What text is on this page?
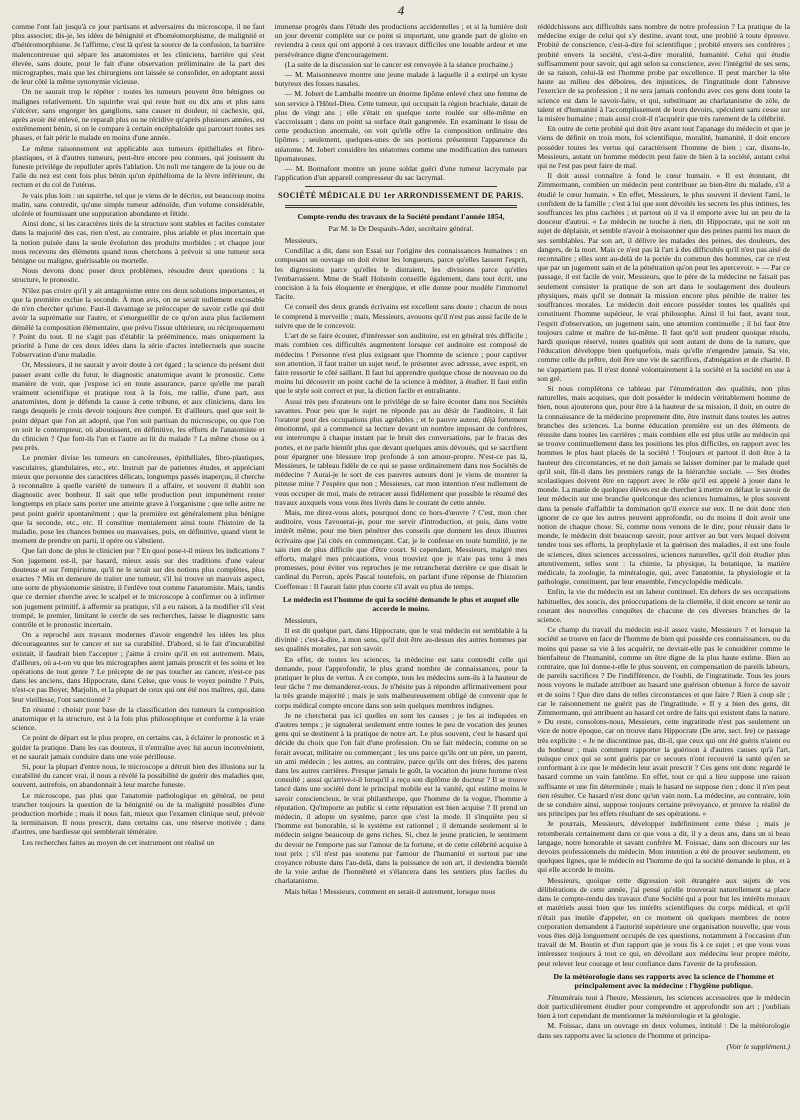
4

comme l'ont fait jusqu'à ce jour partisans et adversaires du microscope, il ne faut plus associer, dis-je, les idées de bénignité et d'homéomorphisme, de malignité et d'hétéromorphisme. Je l'affirme, c'est là qu'est la source de la confusion, la barrière malencontreuse qui sépare les anatomistes et les cliniciens, barrière qui s'est élevée, sans doute, pour le fait d'une observation préliminaire de la part des micrographes, mais que les chirurgiens ont laissée se consolider, en adoptant aussi de leur côté la même synonymie vicieuse.

On ne saurait trop le répéter : toutes les tumeurs peuvent être bénignes ou malignes relativement. Un squirrhe vrai qui reste huit ou dix ans et plus sans s'ulcérer, sans engorger les ganglions, sans causer ni douleur, ni cachexie, qui, après avoir été enlevé, ne reparaît plus ou ne récidive qu'après plusieurs années, est extrêmement bénin, si on le compare à certain encéphaloïde qui parcourt toutes ses phases, et fait périr le malade en moins d'une année.

Le même raisonnement est applicable aux tumeurs épithéliales et fibro-plastiques, et à d'autres tumeurs, peut-être encore peu connues, qui jouissent du funeste privilége de repulluler après l'ablation. Un noli me tangere de la joue ou de l'aile du nez est cent fois plus bénin qu'un épithélioma de la lèvre inférieure, du rectum et du col de l'utérus.

Je vais plus loin : un squirrhe, tel que je viens de le décrire, est beaucoup moins malin, sans contredit, qu'une simple tumeur adénoïde, d'un volume considérable, ulcérée et fournissant une suppuration abondante et fétide.

Ainsi donc, si les caractères tirés de la structure sont stables et faciles constater dans la majorité des cas, rien n'est, au contraire, plus ariable et plus incertain que la notion puisée dans la seule évolution des produits morbides ; et chaque jour nous recevons des éléments quand nous cherchons à prévoir si une tumeur sera bénigne ou maligne, guérissable ou mortelle.

Nous devons donc poser deux problèmes, résoudre deux questions : la structure, le pronostic.

N'ilez pas croire qu'il y ait antagonisme entre ces deux solutions importantes, et que la première exclue la seconde. À mon avis, on ne serait nullement excusable de n'en chercher qu'une. Faut-il davantage se préoccuper de savoir celle qui doit avoir la suprématie sur l'autre, et s'enorgueillir de ce qu'on aura plus facilement démêlé la composition élémentaire, que prévu l'issue ultérieure, ou réciproquement ? Point du tout. Il ne s'agit pas d'établir la prééminence, mais uniquement la priorité à l'une de ces deux idées dans la série d'actes intellectuels que suscite l'observation d'une maladie.

Or, Messieurs, il ne saurait y avoir doute à cet égard ; la science du présent doit passer avant celle du futur, le diagnostic anatomique avant le pronostic. Cette manière de voir, que j'expose ici en toute assurance, parce qu'elle me paraît vraiment scientifique et pratique tout à la fois, me rallie, d'une part, aux anatomistes, dont je défends la cause à cette tribune, et aux cliniciens, dans les rangs desquels je crois devoir toujours être compté. Et d'ailleurs, quel que soit le point départ que l'on ait adopté, que l'on soit partisan du microscope, ou que l'on en soit le contempteur, où aboutissent, en définitive, les efforts de l'anatomiste et du clinicien ? Que font-ils l'un et l'autre au lit du malade ? La même chose ou à peu près.

Le premier divise les tumeurs en cancéreuses, épithéliales, fibro-plastiques, vasculaires, glandulaires, etc., etc. Instruit par de patientes études, et appréciant mieux que personne des caractères délicats, longtemps passés inaperçus, il cherche à reconnaître à quelle variété de tumeurs il a affaire, et souvent il établit son diagnostic avec bonheur. Il sait que telle production peut impunément rester longtemps en place sans porter une atteinte grave à l'organisme ; que telle autre ne peut point guérir spontanément ; que la première est généralement plus bénigne que la seconde, etc., etc. Il constitue mentalement ainsi toute l'histoire de la maladie, pose les chances bonnes ou mauvaises, puis, en définitive, quand vient le moment de prendre un parti, il opère ou s'abstient.

Que fait donc de plus le clinicien pur ? En quoi pose-t-il mieux les indications ? Son jugement est-il, par hasard, mieux assis sur des traditions d'une valeur douteuse et sur l'empirisme, qu'il ne le serait sur des notions plus complètes, plus exactes ? Mis en demeure de traiter une tumeur, s'il lui trouve un mauvais aspect, une sorte de physionomie sinistre, il l'enlève tout comme l'anatomiste. Mais, tandis que ce dernier cherche avec le scalpel et le microscope à confirmer ou à infirmer son jugement primitif, à affermir sa pratique, s'il a eu raison, à la modifier s'il s'est trompé, le premier, limitant le cercle de ses recherches, laisse le diagnostic sans contrôle et le pronostic incertain.

On a reproché aux travaux modernes d'avoir engendré les idées les plus décourageantes sur le cancer et sur sa curabilité. D'abord, si le fait d'incurabilité existait, il faudrait bien l'accepter ; j'aime à croire qu'il en est autrement. Mais, d'ailleurs, où a-t-on vu que les micrographes aient jamais proscrit et les soins et les opérations de tout genre ? Le précepte de ne pas toucher au cancer, n'est-ce pas dans les anciens, dans Hippocrate, dans Celse, que vous le voyez poindre ? Puis, n'est-ce pas Boyer, Marjolin, et la plupart de ceux qui ont été nos maîtres, qui, dans leur vieillesse, l'ont sanctionné ?

En résumé : choisir pour base de la classification des tumeurs la composition anatomique et la structure, est à la fois plus philosophique et conforme à la vraie science.

Ce point de départ est le plus propre, en certains cas, à éclairer le pronostic et à guider la pratique. Dans les cas douteux, il n'entraîne avec lui aucun inconvénient, et ne saurait jamais conduire dans une voie périlleuse.

Si, pour la plupart d'entre nous, le microscope a détruit bien des illusions sur la curabilité du cancer vrai, il nous a révélé la possibilité de guérir des maladies que, souvent, autrefois, on abandonnait à leur marche funeste.

Le microscope, pas plus que l'anatomie pathologique en général, ne peut trancher toujours la question de la bénignité ou de la malignité possibles d'une production morbide ; mais il nous fait, mieux que l'examen clinique seul, prévoir la terminaison. Il nous prescrit, dans certains cas, une réserve motivée ; dans d'autres, une hardiesse qui semblerait téméraire.

Les recherches faites au moyen de cet instrument ont réalisé un

immense progrès dans l'étude des productions accidentelles ; et si la lumière doit un jour devenir complète sur ce point si important, une grande part de gloire en reviendra à ceux qui ont apporté à ces travaux difficiles une louable ardeur et une persévérance digne d'encouragement.

(La suite de la discussion sur le cancer est renvoyée à la séance prochaine.)

— M. Maisonneuve montre une jeune malade à laquelle il a extirpé un kyste butyreux des fosses nasales.

— M. Jobert de Lamballe montre un énorme lipôme enlevé chez une femme de son service à l'Hôtel-Dieu. Cette tumeur, qui occupait la région brachiale, datait de plus de vingt ans ; elle s'était en quelque sorte roulée sur elle-même en s'accroissant ; dans un point sa surface était gangrenée. En examinant le tissu de cette production anormale, on voit qu'elle offre la composition ordinaire des lipômes ; seulement, quelques-unes de ses portions présentent l'apparence du stéatome. M. Jobert considère les stéatomes comme une modification des tumeurs lipomateuses.

— M. Bonnafont montre un jeune soldat guéri d'une tumeur lacrymale par l'application d'un appareil compresseur du sac lacrymal.

SOCIÉTÉ MÉDICALE DU 1er ARRONDISSEMENT DE PARIS.
Compte-rendu des travaux de la Société pendant l'année 1854,
Par M. le Dr Despaulx-Ader, secrétaire général.
Messieurs,

Condillac a dit, dans son Essai sur l'origine des connaissances humaines : en composant un ouvrage on doit éviter les longueurs, parce qu'elles lassent l'esprit, les digressions parce qu'elles le distraient, les divisions parce qu'elles l'embarrassent. Mme de Staël Holstein conseille également, dans tout écrit, une concision à la fois éloquente et énergique, et elle donne pour modèle l'immortel Tacite.

Ce conseil des deux grands écrivains est excellent sans doute ; chacun de nous le comprend à merveille ; mais, Messieurs, avouons qu'il n'est pas aussi facile de le suivre que de le concevoir.

L'art de se faire écouter, d'intéresser son auditoire, est en général très difficile ; mais combien ces difficultés augmentent lorsque cet auditoire est composé de médecins ! Personne n'est plus exigeant que l'homme de science ; pour captiver son attention, il faut traiter un sujet neuf, le présenter avec adresse, avec esprit, en faire ressortir le côté saillant. Il faut lui apprendre quelque chose de nouveau ou du moins lui découvrir un point caché de la science à méditer, à étudier. Il faut enfin que le style soit correct et pur, la diction facile et entraînante.

Aussi très peu d'orateurs ont le privilége de se faire écouter dans nos Sociétés savantes. Pour peu que le sujet ne réponde pas au désir de l'auditoire, il fait l'orateur pour des occupations plus agréables ; et le pauvre auteur, déjà fortement émotionné, qui a commencé sa lecture devant un nombre imposant de confrères, est interrompu à chaque instant par le bruit des conversations, par le fracas des portes, et ne parle bientôt plus que devant quelques amis dévoués, qui se sacrifient pour épargner une blessure trop profonde à son amour-propre. N'est-ce pas là, Messieurs, le tableau fidèle de ce qui se passe ordinairement dans nos Sociétés de médecine ? Aurai-je le sort de ces pauvres auteurs dont je viens de montrer la piteuse mine ? J'espère que non ; Messieurs, car mon intention n'est nullement de vous occuper de moi, mais de retracer aussi fidèlement que possible le résumé des travaux auxquels vous vous êtes livrés dans le courant de cette année.

Mais, me direz-vous alors, pourquoi donc ce hors-d'œuvre ? C'est, mon cher auditoire, vous l'avouerai-je, pour me servir d'introduction, et puis, dans votre intérêt même, pour me bien pénétrer des conseils que donnent les deux illustres écrivains que j'ai cités en commençant. Car, je le confesse en toute humilité, je ne sais rien de plus difficile que d'être court. Si cependant, Messieurs, malgré mes efforts, malgré mes précautions, vous trouviez que je n'aie pas tenu à mes promesses, pour éviter vos reproches je me retrancherai derrière ce que disait le cardinal du Perron, après Pascal toutefois, en parlant d'une réponse de l'historien Coeffeteau : Il l'aurait faite plus courte s'il avait eu plus de temps.

Le médecin est l'homme de qui la société demande le plus et auquel elle accorde le moins.
Messieurs,

Il est dit quelque part, dans Hippocrate, que le vrai médecin est semblable à la divinité ; c'est-à-dire, à mon sens, qu'il doit être au-dessus des autres hommes par ses qualités morales, par son savoir.

En effet, de toutes les sciences, la médecine est sans contredit celle qui demande, pour l'approfondir, le plus grand nombre de connaissances, pour la pratiquer le plus de vertus. À ce compte, tous les médecins sont-ils à la hauteur de leur tâche ? me demanderez-vous. Je n'hésite pas à répondre affirmativement pour la très grande majorité ; mais je suis malheureusement obligé de convenir que le corps médical compte encore dans son sein quelques membres indignes.

Je ne chercherai pas ici quelles en sont les causes ; je les ai indiquées en d'autres temps ; je signalerai seulement entre toutes le peu de vocation des jeunes gens qui se destinent à la pratique de notre art. Le plus souvent, c'est le hasard qui décide du choix que l'on fait d'une profession. On se fait médecin, comme on se ferait avocat, militaire ou commerçant ; les uns parce qu'ils ont un père, un parent, un ami médecin ; les autres, au contraire, parce qu'ils ont des frères, des parens dans les autres carrières. Presque jamais le goût, la vocation du jeune homme n'est consulté ; aussi qu'arrive-t-il lorsqu'il a reçu son diplôme de docteur ? Il se trouve lancé dans une société dont le principal mobile est la vanité, qui estime moins le savoir consciencieux, le vrai philanthrope, que l'homme de la vogue, l'homme à réputation. Qu'importe au public si cette réputation est bien acquise ? Il prend un médecin, il adopte un système, parce que c'est la mode. Il s'inquiète peu si l'homme est honorable, si le système est rationnel ; il demande seulement si le médecin soigne beaucoup de gens riches. Si, chez le jeune praticien, le sentiment du devoir ne l'emporte pas sur l'amour de la fortune, et de cette célébrité acquise à tout prix ; s'il n'est pas soutenu par l'amour de l'humanité et surtout par une croyance robuste dans l'au-delà, dans la puissance de son art, il deviendra bientôt de la voie ardue de l'honnêteté et s'élancera dans les sentiers plus faciles du charlatanisme.

Mais hélas ! Messieurs, comment en serait-il autrement, lorsque nous

rédédchissons aux difficultés sans nombre de notre profession ? La pratique de la médecine exige de celui qui s'y destine, avant tout, une probité à toute épreuve. Probité de conscience, c'est-à-dire foi scientifique ; probité envers ses confrères ; probité envers la société, c'est-à-dire moralité, humanité. Celui qui étudie suffisamment pour savoir, qui agit selon sa conscience, avec l'intégrité de ses sens, de sa raison, celui-là est l'homme probe par excellence. Il peut marcher la tête haute au milieu des déboires, des injustices, de l'ingratitude dont l'abreuve l'exercice de sa profession ; il ne sera jamais confondu avec ces gens dont toute la science est dans le savoir-faire, et qui, substituant au charlatanisme de zèle, de talent et d'humanité à l'accomplissement de leurs devoirs, spéculent sans cesse sur la misère humaine ; mais aussi croit-il n'acquérir que très rarement de la célébrité.

En outre de cette probité qui doit être avant tout l'apanage du médecin et que je viens de définir en trois mots, foi scientifique, moralité, humanité, il doit encore posséder toutes les vertus qui caractérisent l'homme de bien ; car, disons-le, Messieurs, autant un homme médecin peut faire de bien à la société, autant celui qui ne l'est pas peut faire de mal.

Il doit aussi connaître à fond le cœur humain. « Il est étonnant, dit Zimmermann, combien un médecin peut contribuer au bien-être du malade, s'il a étudié le cœur humain. » En effet, Messieurs, le plus souvent il devient l'ami, le confident de la famille ; c'est à lui que sont dévoilés les secrets les plus intimes, les souffrances les plus cachées ; et partout où il va il emporte avec lui un peu de la douceur d'autrui. « Le médecin ne touche à rien, dit Hippocrate, qui ne soit un sujet de déplaisir, et semble n'avoir à moissonner que des peines parmi les maux de ses semblables. Par son art, il délivre les malades des peines, des douleurs, des dangers, de la mort. Mais ce n'est pas là l'art à des difficultés qu'il n'est pas aisé de reconnaître ; elles sont au-delà de la portée du commun des hommes, car ce n'est que par un jugement sain et de la pénétration qu'on peut les apercevoir. » — Par ce passage, il est facile de voir, Messieurs, que le père de la médecine ne faisait pas seulement consister la pratique de son art dans le soulagement des douleurs physiques, mais qu'il se donnait la mission encore plus pénible de traiter les souffrances morales. Le médecin doit encore posséder toutes les qualités qui constituent l'homme supérieur, le vrai philosophe. Ainsi il lui faut, avant tout, l'esprit d'observation, un jugement sain, une attention continuelle ; il lui faut être toujours calme et maître de lui-même. Il faut qu'il soit prudent quoique résolu, hardi quoique réservé, toutes qualités qui sont autant de dons de la nature, que l'éducation développe bien quelquefois, mais qu'elle n'engendre jamais. Sa vie, comme celle du prêtre, doit être une vie de sacrifices, d'abnégation et de charité. Il ne s'appartient pas. Il n'est donné volontairement à la société et la société en use à son gré.

Si nous complétons ce tableau par l'énumération des qualités, non plus naturelles, mais acquises, que doit posséder le médecin véritablement homme de bien, nous ajouterons que, pour être à la hauteur de sa mission, il doit, en outre de la connaissance de la médecine proprement dite, être instruit dans toutes les autres branches des sciences. La bonne éducation première est un des éléments de réussite dans toutes les carrières ; mais combien elle est plus utile au médecin qui se trouve continuellement dans les positions les plus difficiles, en rapport avec les hommes le plus haut placés de la société ! Toujours et partout il doit être à la hauteur des circonstances, et ne doit jamais se laisser dominer par le malade quel qu'il soit, fût-il dans les premiers rangs de la hiérarchie sociale. — Ses études scolastiques doivent être en rapport avec le rôle qu'il est appelé à jouer dans le monde. La manie de quelques élèves est de chercher à mettre en défaut le savoir de leur médecin sur une branche quelconque des sciences humaines, le plus souvent dans la pensée d'affaiblir la domination qu'il exerce sur eux. Il ne doit donc rien ignorer de ce que les autres peuvent approfondir, ou du moins il doit avoir une notion de chaque chose. Si, comme nous venons de le dire, pour réussir dans le monde, le médecin doit beaucoup savoir, pour arriver au but vers lequel doivent tendre tous ses efforts, la prophylaxie et la guérison des maladies, il est une foule de sciences, dites sciences accessoires, sciences naturelles, qu'il doit étudier plus attentivement, telles sont : la chimie, la physique, la botanique, la matière médicale, la zoologie, la minéralogie, qui, avec l'anatomie, la physiologie et la pathologie, constituent, par leur ensemble, l'encyclopédie médicale.

Enfin, la vie du médecin est un labeur continuel. En dehors de ses occupations habituelles, des soucis, des préoccupations de la clientèle, il doit encore se tenir au courant des nouvelles conquêtes de chacune de ces diverses branches de la science.

Ce champ du travail du médecin est-il assez vaste, Messieurs ? et lorsque la société se trouve en face de l'homme de bien qui possède ces connaissances, ou du moins qui passe sa vie à les acquérir, ne devrait-elle pas le considérer comme le bienfaiteur de l'humanité, comme un être digne de la plus haute estime. Bien au contraire, que lui donne-t-elle le plus souvent, en compensation de pareils labeurs, de pareils sacrifices ? De l'indifférence, de l'oubli, de l'ingratitude. Tous les jours nous voyons le malade attribuer au hasard une guérison obtenue à force de savoir et de soins ! Que dire dans de telles circonstances et que faire ? Rien à coup sûr ; car le raisonnement ne guérit pas de l'ingratitude. « Il y a bien des gens, dit Zimmermann, qui attribuent au hasard cet ordre de faits qui existent dans la nature. » Du reste, consolons-nous, Messieurs, cette ingratitude n'est pas seulement un vice de notre époque, car on trouve dans Hippocrate (De arte, sect. Ire) ce passage très explicite : « Je ne discontinue pas, dit-il, que ceux qui ont été guéris n'aient eu du bonheur ; mais comment rapporter la guérison à d'autres causes qu'à l'art, puisque ceux qui se sont guéris par ce secours n'ont recouvré la santé qu'en se conformant à ce que le médecin leur avait prescrit ? Ces gens ont donc regardé le hasard comme un vain fantôme. En effet, tout ce qui a lieu suppose une raison suffisante et une fin déterminée ; mais le hasard ne suppose rien ; donc il n'en peut rien résulter. Ce hasard n'est donc qu'un vain nom. La médecine, au contraire, loin de se conduire ainsi, suppose toujours certaine prévoyance, et prouve la réalité de ses principes par les effets résultant de ses opérations. »

Je pourrais, Messieurs, développer indéfiniment cette thèse ; mais je retomberais certainement dans ce que vous a dit, il y a deux ans, dans un si beau langage, notre honorable et savant confrère M. Foissac, dans son discours sur les devoirs professionnels du médecin. Mon intention a été de prouver seulement, en quelques lignes, que le médecin est l'homme de qui la société demande le plus, et à qui elle accorde le moins.

Messieurs, quoique cette digression soit étrangère aux sujets de vos délibérations de cette année, j'ai pensé qu'elle trouverait naturellement sa place dans le compte-rendu des travaux d'une Société qui a pour but les intérêts moraux et matériels aussi bien que les intérêts scientifiques du corps médical, et qu'il n'était pas inutile d'appeler, en ce moment où quelques membres de notre corporation demandent à l'autorité supérieure une organisation nouvelle, que vous vous êtes déjà longuement occupés de ces questions, notamment à l'occasion d'un travail de M. Boutin et d'un rapport que je vous fis à ce sujet ; et que vous vous intéressez toujours à tout ce qui, en dévoilant aux médecins leur propre mérite, peut relever leur courage et leur confiance dans l'avenir de la profession.

De la météorologie dans ses rapports avec la science de l'homme et principalement avec la médecine : l'hygiène publique.

J'énumérais tout à l'heure, Messieurs, les sciences accessoires que le médecin doit particulièrement étudier pour comprendre et approfondir son art ; j'oubliais bien à tort cependant de mentionner la météorologie et la géologie.

M. Foissac, dans un ouvrage en deux volumes, intitulé : De la météorologie dans ses rapports avec la science de l'homme et principa-

(Voir le supplément.)
